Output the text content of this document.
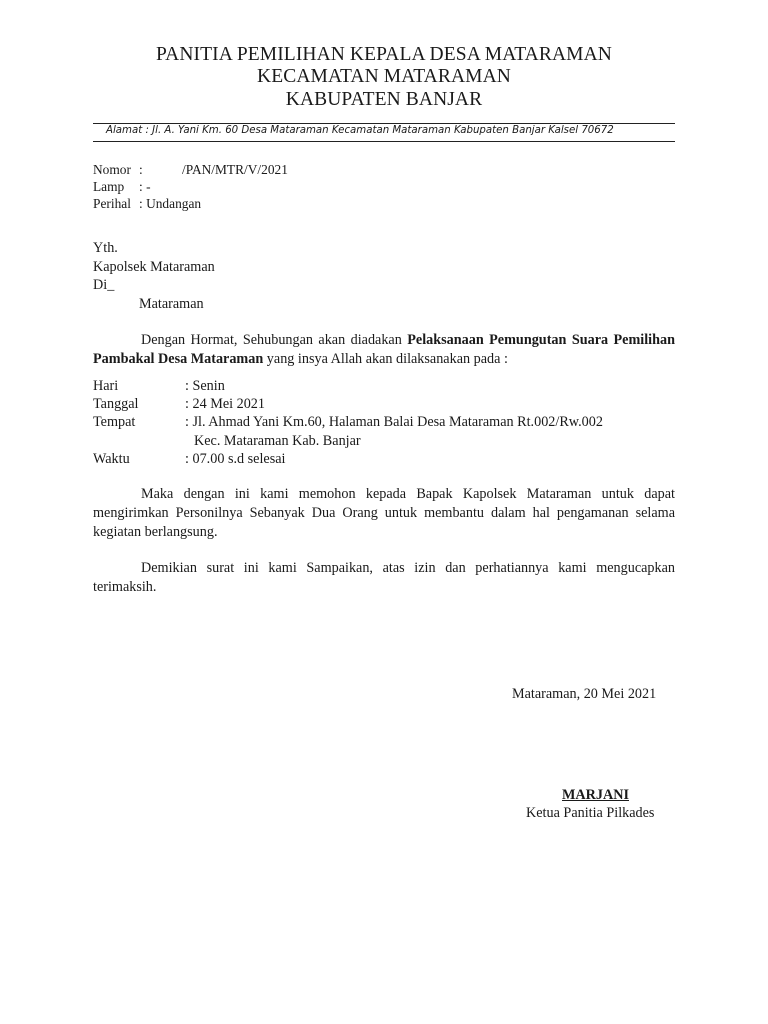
PANITIA PEMILIHAN KEPALA DESA MATARAMAN
KECAMATAN MATARAMAN
KABUPATEN BANJAR
Alamat : Jl. A. Yani Km. 60 Desa Mataraman Kecamatan Mataraman Kabupaten Banjar Kalsel 70672
Nomor :	/PAN/MTR/V/2021
Lamp : -
Perihal : Undangan
Yth.
Kapolsek Mataraman
Di_
Mataraman
Dengan Hormat, Sehubungan akan diadakan Pelaksanaan Pemungutan Suara Pemilihan Pambakal Desa Mataraman yang insya Allah akan dilaksanakan pada :
Hari	: Senin
Tanggal	: 24 Mei 2021
Tempat	: Jl. Ahmad Yani Km.60, Halaman Balai Desa Mataraman Rt.002/Rw.002
Kec. Mataraman Kab. Banjar
Waktu	: 07.00 s.d selesai
Maka dengan ini kami memohon kepada Bapak Kapolsek Mataraman untuk dapat mengirimkan Personilnya Sebanyak Dua Orang untuk membantu dalam hal pengamanan selama kegiatan berlangsung.
Demikian surat ini kami Sampaikan, atas izin dan perhatiannya kami mengucapkan terimaksih.
Mataraman, 20 Mei 2021
MARJANI
Ketua Panitia Pilkades
